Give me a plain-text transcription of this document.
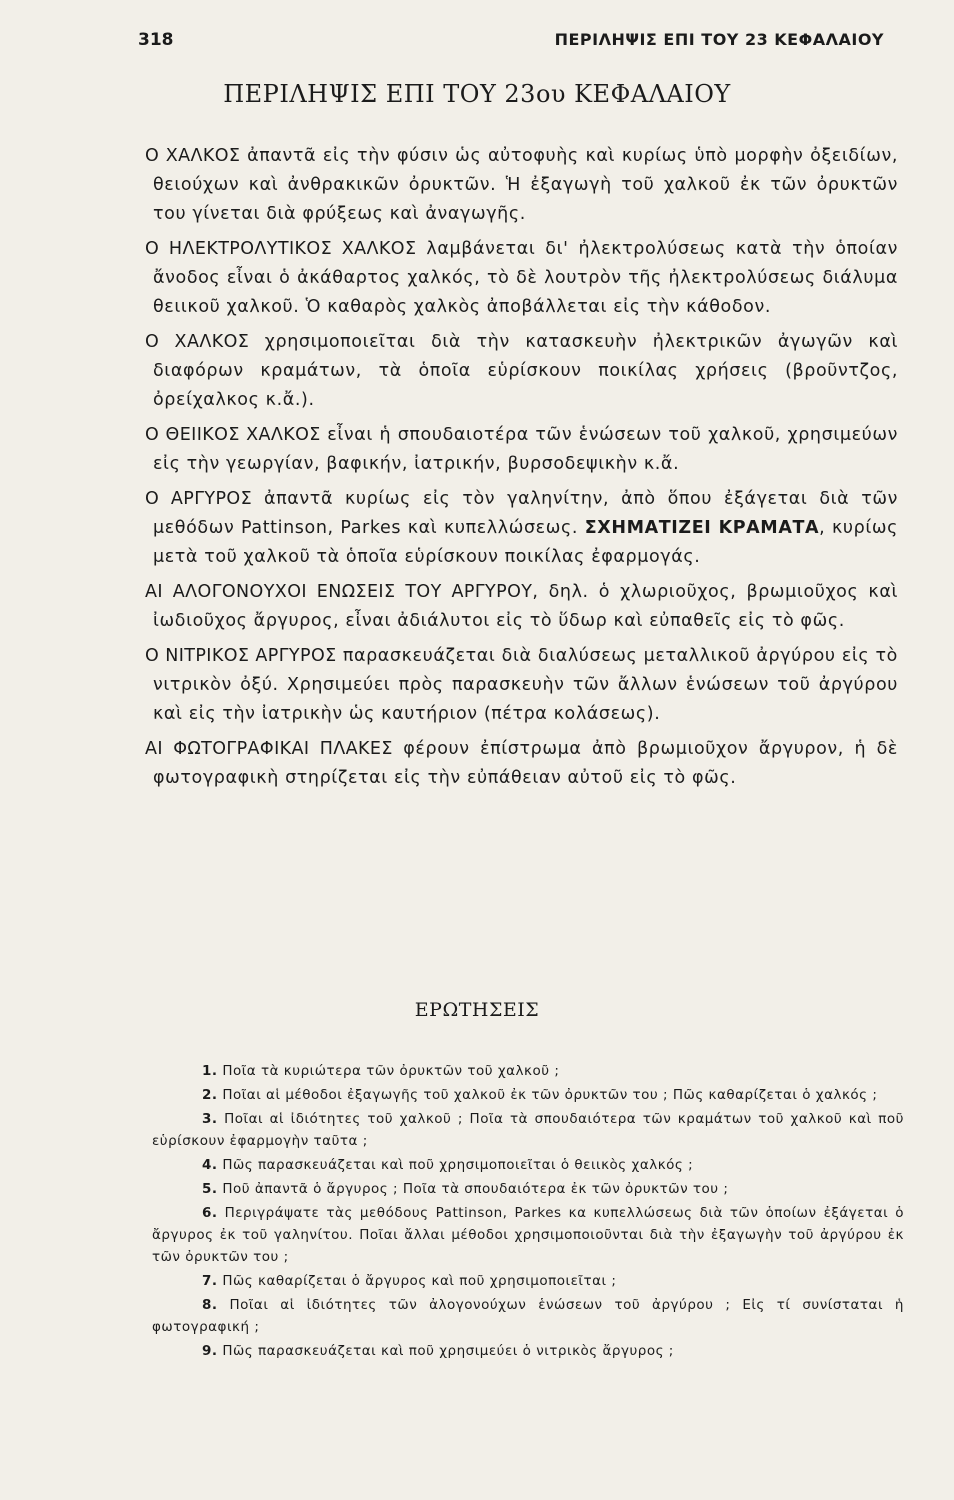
318	ΠΕΡΙΛΗΨΙΣ ΕΠΙ ΤΟΥ 23 ΚΕΦΑΛΑΙΟΥ
ΠΕΡΙΛΗΨΙΣ ΕΠΙ ΤΟΥ 23ου ΚΕΦΑΛΑΙΟΥ

Ο ΧΑΛΚΟΣ ἀπαντᾶ εἰς τὴν φύσιν ὡς αὐτοφυὴς καὶ κυρίως ὑπὸ μορφὴν ὀξειδίων, θειούχων καὶ ἀνθρακικῶν ὀρυκτῶν. Ἡ ἐξαγωγὴ τοῦ χαλκοῦ ἐκ τῶν ὀρυκτῶν του γίνεται διὰ φρύξεως καὶ ἀναγωγῆς.

Ο ΗΛΕΚΤΡΟΛΥΤΙΚΟΣ ΧΑΛΚΟΣ λαμβάνεται δι' ἠλεκτρολύσεως κατὰ τὴν ὁποίαν ἄνοδος εἶναι ὁ ἀκάθαρτος χαλκός, τὸ δὲ λουτρὸν τῆς ἠλεκτρολύσεως διάλυμα θειικοῦ χαλκοῦ. Ὁ καθαρὸς χαλκὸς ἀποβάλλεται εἰς τὴν κάθοδον.

Ο ΧΑΛΚΟΣ χρησιμοποιεῖται διὰ τὴν κατασκευὴν ἠλεκτρικῶν ἀγωγῶν καὶ διαφόρων κραμάτων, τὰ ὁποῖα εὑρίσκουν ποικίλας χρήσεις (βροῦντζος, ὀρείχαλκος κ.ἄ.).

Ο ΘΕΙΙΚΟΣ ΧΑΛΚΟΣ εἶναι ἡ σπουδαιοτέρα τῶν ἑνώσεων τοῦ χαλκοῦ, χρησιμεύων εἰς τὴν γεωργίαν, βαφικήν, ἰατρικήν, βυρσοδεψικὴν κ.ἄ.

Ο ΑΡΓΥΡΟΣ ἀπαντᾶ κυρίως εἰς τὸν γαληνίτην, ἀπὸ ὅπου ἐξάγεται διὰ τῶν μεθόδων Pattinson, Parkes καὶ κυπελλώσεως. ΣΧΗΜΑΤΙΖΕΙ ΚΡΑΜΑΤΑ, κυρίως μετὰ τοῦ χαλκοῦ τὰ ὁποῖα εὑρίσκουν ποικίλας ἐφαρμογάς.

ΑΙ ΑΛΟΓΟΝΟΥΧΟΙ ΕΝΩΣΕΙΣ ΤΟΥ ΑΡΓΥΡΟΥ, δηλ. ὁ χλωριοῦχος, βρωμιοῦχος καὶ ἰωδιοῦχος ἄργυρος, εἶναι ἀδιάλυτοι εἰς τὸ ὕδωρ καὶ εὐπαθεῖς εἰς τὸ φῶς.

Ο ΝΙΤΡΙΚΟΣ ΑΡΓΥΡΟΣ παρασκευάζεται διὰ διαλύσεως μεταλλικοῦ ἀργύρου εἰς τὸ νιτρικὸν ὀξύ. Χρησιμεύει πρὸς παρασκευὴν τῶν ἄλλων ἑνώσεων τοῦ ἀργύρου καὶ εἰς τὴν ἰατρικὴν ὡς καυτήριον (πέτρα κολάσεως).

ΑΙ ΦΩΤΟΓΡΑΦΙΚΑΙ ΠΛΑΚΕΣ φέρουν ἐπίστρωμα ἀπὸ βρωμιοῦχον ἄργυρον, ἡ δὲ φωτογραφικὴ στηρίζεται εἰς τὴν εὐπάθειαν αὐτοῦ εἰς τὸ φῶς.

ΕΡΩΤΗΣΕΙΣ

1. Ποῖα τὰ κυριώτερα τῶν ὀρυκτῶν τοῦ χαλκοῦ ;

2. Ποῖαι αἱ μέθοδοι ἐξαγωγῆς τοῦ χαλκοῦ ἐκ τῶν ὀρυκτῶν του ; Πῶς καθαρίζεται ὁ χαλκός ;

3. Ποῖαι αἱ ἰδιότητες τοῦ χαλκοῦ ; Ποῖα τὰ σπουδαιότερα τῶν κραμάτων τοῦ χαλκοῦ καὶ ποῦ εὑρίσκουν ἐφαρμογὴν ταῦτα ;

4. Πῶς παρασκευάζεται καὶ ποῦ χρησιμοποιεῖται ὁ θειικὸς χαλκός ;

5. Ποῦ ἀπαντᾶ ὁ ἄργυρος ; Ποῖα τὰ σπουδαιότερα ἐκ τῶν ὀρυκτῶν του ;

6. Περιγράψατε τὰς μεθόδους Pattinson, Parkes κα κυπελλώσεως διὰ τῶν ὁποίων ἐξάγεται ὁ ἄργυρος ἐκ τοῦ γαληνίτου. Ποῖαι ἄλλαι μέθοδοι χρησιμοποιοῦνται διὰ τὴν ἐξαγωγὴν τοῦ ἀργύρου ἐκ τῶν ὀρυκτῶν του ;

7. Πῶς καθαρίζεται ὁ ἄργυρος καὶ ποῦ χρησιμοποιεῖται ;

8. Ποῖαι αἱ ἰδιότητες τῶν ἀλογονούχων ἑνώσεων τοῦ ἀργύρου ; Εἰς τί συνίσταται ἡ φωτογραφική ;

9. Πῶς παρασκευάζεται καὶ ποῦ χρησιμεύει ὁ νιτρικὸς ἄργυρος ;
